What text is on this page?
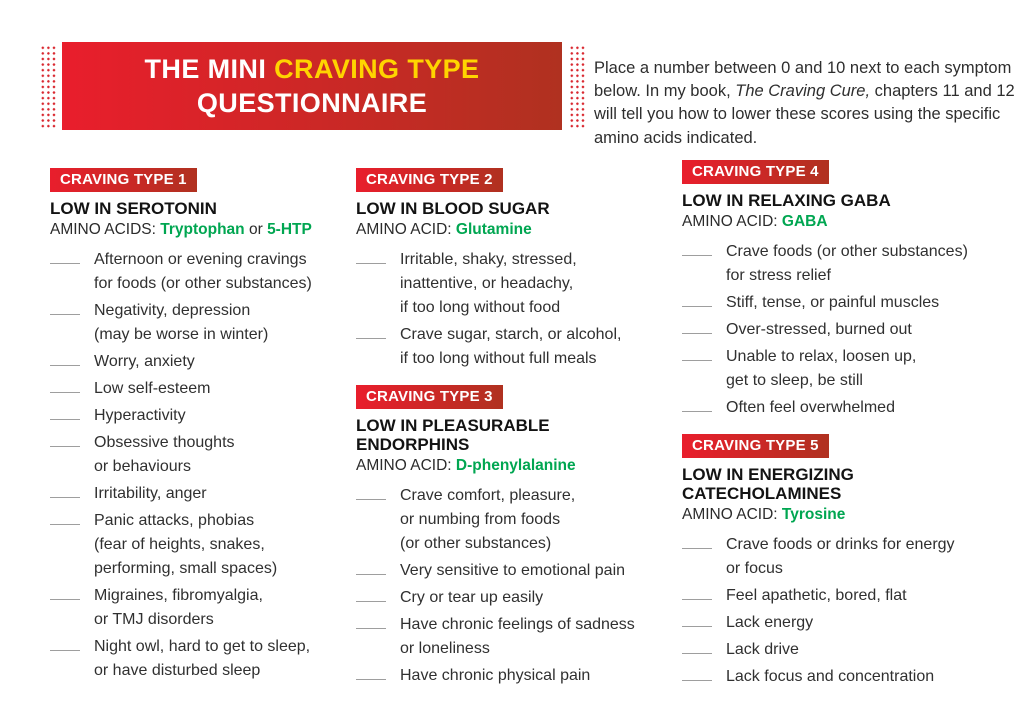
THE MINI CRAVING TYPE
QUESTIONNAIRE

Place a number between 0 and 10 next to each symptom below. In my book, The Craving Cure, chapters 11 and 12 will tell you how to lower these scores using the specific amino acids indicated.

CRAVING TYPE 1
LOW IN SEROTONIN
AMINO ACIDS: Tryptophan or 5-HTP
Afternoon or evening cravings
for foods (or other substances)
Negativity, depression
(may be worse in winter)
Worry, anxiety
Low self-esteem
Hyperactivity
Obsessive thoughts
or behaviours
Irritability, anger
Panic attacks, phobias
(fear of heights, snakes,
performing, small spaces)
Migraines, fibromyalgia,
or TMJ disorders
Night owl, hard to get to sleep,
or have disturbed sleep
CRAVING TYPE 2
LOW IN BLOOD SUGAR
AMINO ACID: Glutamine
Irritable, shaky, stressed,
inattentive, or headachy,
if too long without food
Crave sugar, starch, or alcohol,
if too long without full meals
CRAVING TYPE 3
LOW IN PLEASURABLE
ENDORPHINS
AMINO ACID: D-phenylalanine
Crave comfort, pleasure,
or numbing from foods
(or other substances)
Very sensitive to emotional pain
Cry or tear up easily
Have chronic feelings of sadness
or loneliness
Have chronic physical pain
CRAVING TYPE 4
LOW IN RELAXING GABA
AMINO ACID: GABA
Crave foods (or other substances)
for stress relief
Stiff, tense, or painful muscles
Over-stressed, burned out
Unable to relax, loosen up,
get to sleep, be still
Often feel overwhelmed
CRAVING TYPE 5
LOW IN ENERGIZING
CATECHOLAMINES
AMINO ACID: Tyrosine
Crave foods or drinks for energy
or focus
Feel apathetic, bored, flat
Lack energy
Lack drive
Lack focus and concentration
